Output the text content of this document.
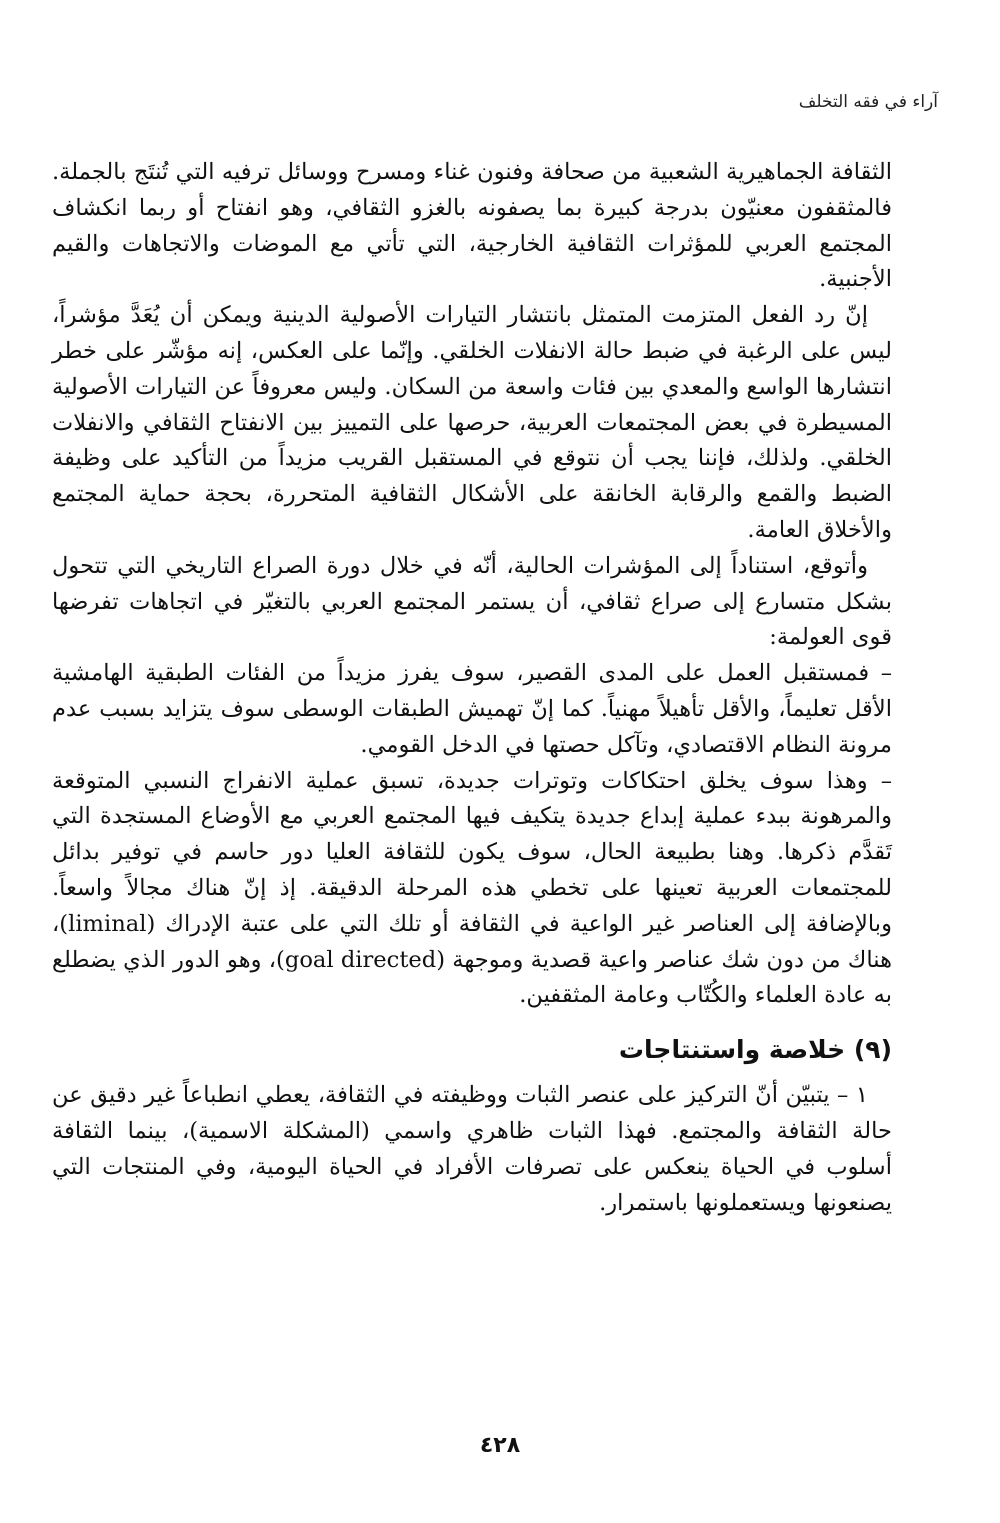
آراء في فقه التخلف

الثقافة الجماهيرية الشعبية من صحافة وفنون غناء ومسرح ووسائل ترفيه التي تُنتَج بالجملة. فالمثقفون معنيّون بدرجة كبيرة بما يصفونه بالغزو الثقافي، وهو انفتاح أو ربما انكشاف المجتمع العربي للمؤثرات الثقافية الخارجية، التي تأتي مع الموضات والاتجاهات والقيم الأجنبية.

إنّ رد الفعل المتزمت المتمثل بانتشار التيارات الأصولية الدينية ويمكن أن يُعَدَّ مؤشراً، ليس على الرغبة في ضبط حالة الانفلات الخلقي. وإنّما على العكس، إنه مؤشّر على خطر انتشارها الواسع والمعدي بين فئات واسعة من السكان. وليس معروفاً عن التيارات الأصولية المسيطرة في بعض المجتمعات العربية، حرصها على التمييز بين الانفتاح الثقافي والانفلات الخلقي. ولذلك، فإننا يجب أن نتوقع في المستقبل القريب مزيداً من التأكيد على وظيفة الضبط والقمع والرقابة الخانقة على الأشكال الثقافية المتحررة، بحجة حماية المجتمع والأخلاق العامة.

وأتوقع، استناداً إلى المؤشرات الحالية، أنّه في خلال دورة الصراع التاريخي التي تتحول بشكل متسارع إلى صراع ثقافي، أن يستمر المجتمع العربي بالتغيّر في اتجاهات تفرضها قوى العولمة:

– فمستقبل العمل على المدى القصير، سوف يفرز مزيداً من الفئات الطبقية الهامشية الأقل تعليماً، والأقل تأهيلاً مهنياً. كما إنّ تهميش الطبقات الوسطى سوف يتزايد بسبب عدم مرونة النظام الاقتصادي، وتآكل حصتها في الدخل القومي.

– وهذا سوف يخلق احتكاكات وتوترات جديدة، تسبق عملية الانفراج النسبي المتوقعة والمرهونة ببدء عملية إبداع جديدة يتكيف فيها المجتمع العربي مع الأوضاع المستجدة التي تَقدَّم ذكرها. وهنا بطبيعة الحال، سوف يكون للثقافة العليا دور حاسم في توفير بدائل للمجتمعات العربية تعينها على تخطي هذه المرحلة الدقيقة. إذ إنّ هناك مجالاً واسعاً. وبالإضافة إلى العناصر غير الواعية في الثقافة أو تلك التي على عتبة الإدراك (liminal)، هناك من دون شك عناصر واعية قصدية وموجهة (goal directed)، وهو الدور الذي يضطلع به عادة العلماء والكُتّاب وعامة المثقفين.

(٩) خلاصة واستنتاجات

١ – يتبيّن أنّ التركيز على عنصر الثبات ووظيفته في الثقافة، يعطي انطباعاً غير دقيق عن حالة الثقافة والمجتمع. فهذا الثبات ظاهري واسمي (المشكلة الاسمية)، بينما الثقافة أسلوب في الحياة ينعكس على تصرفات الأفراد في الحياة اليومية، وفي المنتجات التي يصنعونها ويستعملونها باستمرار.

٤٢٨
